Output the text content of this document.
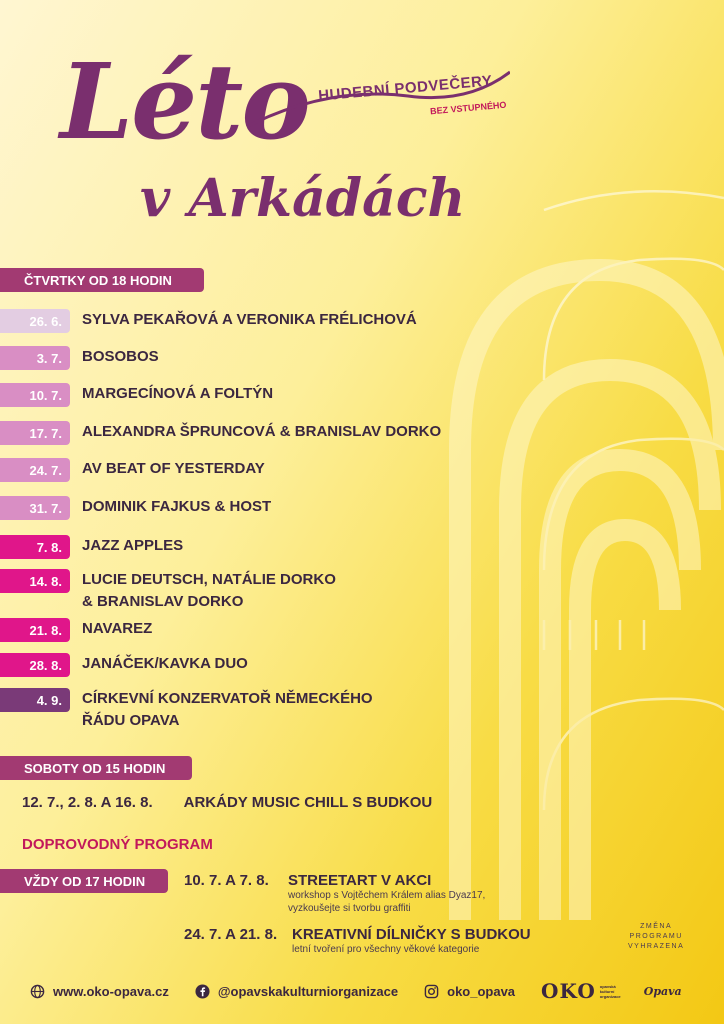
Léto HUDEBNÍ PODVEČERY
BEZ VSTUPNÉHO
v Arkádách
ČTVRTKY OD 18 HODIN
26. 6.	SYLVA PEKAŘOVÁ A VERONIKA FRÉLICHOVÁ
3. 7.	BOSOBOS
10. 7.	MARGECÍNOVÁ A FOLTÝN
17. 7.	ALEXANDRA ŠPRUNCOVÁ & BRANISLAV DORKO
24. 7.	AV BEAT OF YESTERDAY
31. 7.	DOMINIK FAJKUS & HOST
7. 8.	JAZZ APPLES
14. 8.	LUCIE DEUTSCH, NATÁLIE DORKO
& BRANISLAV DORKO
21. 8.	NAVAREZ
28. 8.	JANÁČEK/KAVKA DUO
4. 9.	CÍRKEVNÍ KONZERVATOŘ NĚMECKÉHO
ŘÁDU OPAVA
SOBOTY OD 15 HODIN
12. 7., 2. 8. A 16. 8. ARKÁDY MUSIC CHILL S BUDKOU
DOPROVODNÝ PROGRAM
VŽDY OD 17 HODIN	10. 7. A 7. 8. STREETART V AKCI
workshop s Vojtěchem Králem alias Dyaz17,
vyzkoušejte si tvorbu graffiti
24. 7. A 21. 8. KREATIVNÍ DÍLNIČKY S BUDKOU
letní tvoření pro všechny věkové kategorie
ZMĚNA
PROGRAMU
VYHRAZENA
www.oko-opava.cz	@opavskakulturniorganizace	oko_opava OKO opavská kulturní organizace	Opava
